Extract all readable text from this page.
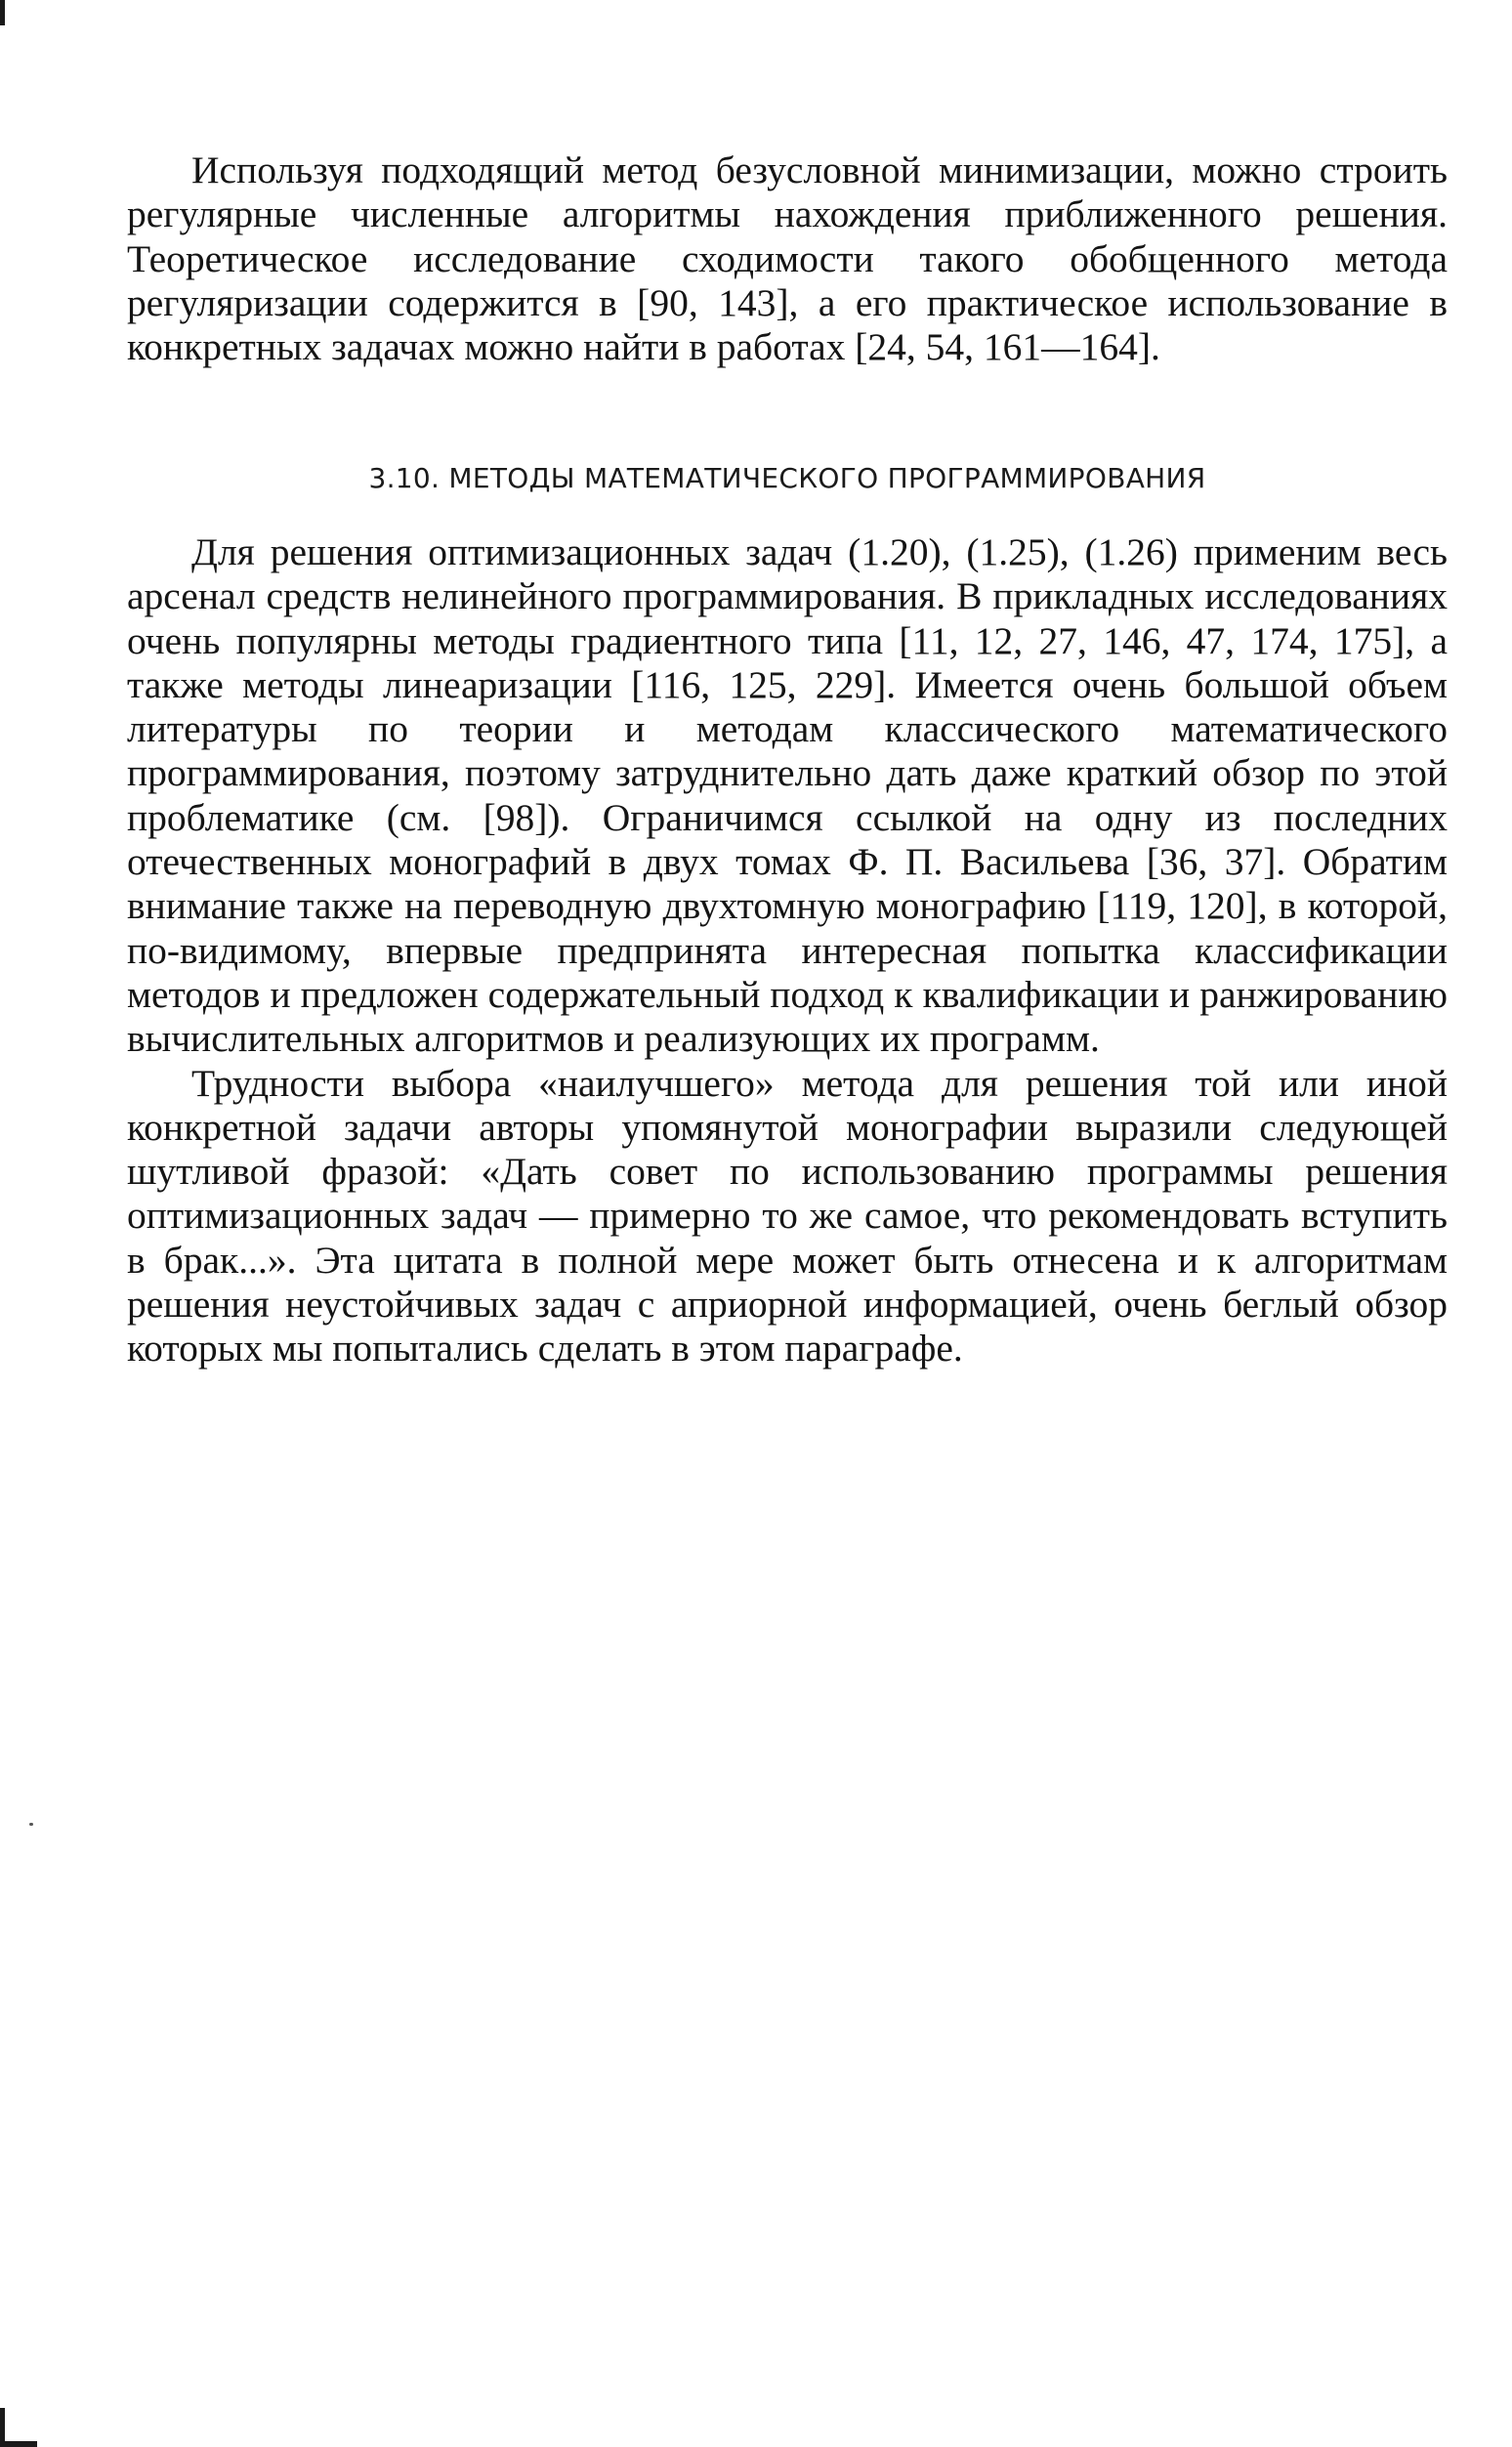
Используя подходящий метод безусловной минимизации, можно строить регулярные численные алгоритмы нахождения приближенного решения. Теоретическое исследование сходимости такого обобщенного метода регуляризации содержится в [90, 143], а его практическое использование в конкретных задачах можно найти в работах [24, 54, 161—164].

3.10. МЕТОДЫ МАТЕМАТИЧЕСКОГО ПРОГРАММИРОВАНИЯ

Для решения оптимизационных задач (1.20), (1.25), (1.26) применим весь арсенал средств нелинейного программирования. В прикладных исследованиях очень популярны методы градиентного типа [11, 12, 27, 146, 47, 174, 175], а также методы линеаризации [116, 125, 229]. Имеется очень большой объем литературы по теории и методам классического математического программирования, поэтому затруднительно дать даже краткий обзор по этой проблематике (см. [98]). Ограничимся ссылкой на одну из последних отечественных монографий в двух томах Ф. П. Васильева [36, 37]. Обратим внимание также на переводную двухтомную монографию [119, 120], в которой, по-видимому, впервые предпринята интересная попытка классификации методов и предложен содержательный подход к квалификации и ранжированию вычислительных алгоритмов и реализующих их программ.

Трудности выбора «наилучшего» метода для решения той или иной конкретной задачи авторы упомянутой монографии выразили следующей шутливой фразой: «Дать совет по использованию программы решения оптимизационных задач — примерно то же самое, что рекомендовать вступить в брак...». Эта цитата в полной мере может быть отнесена и к алгоритмам решения неустойчивых задач с априорной информацией, очень беглый обзор которых мы попытались сделать в этом параграфе.
